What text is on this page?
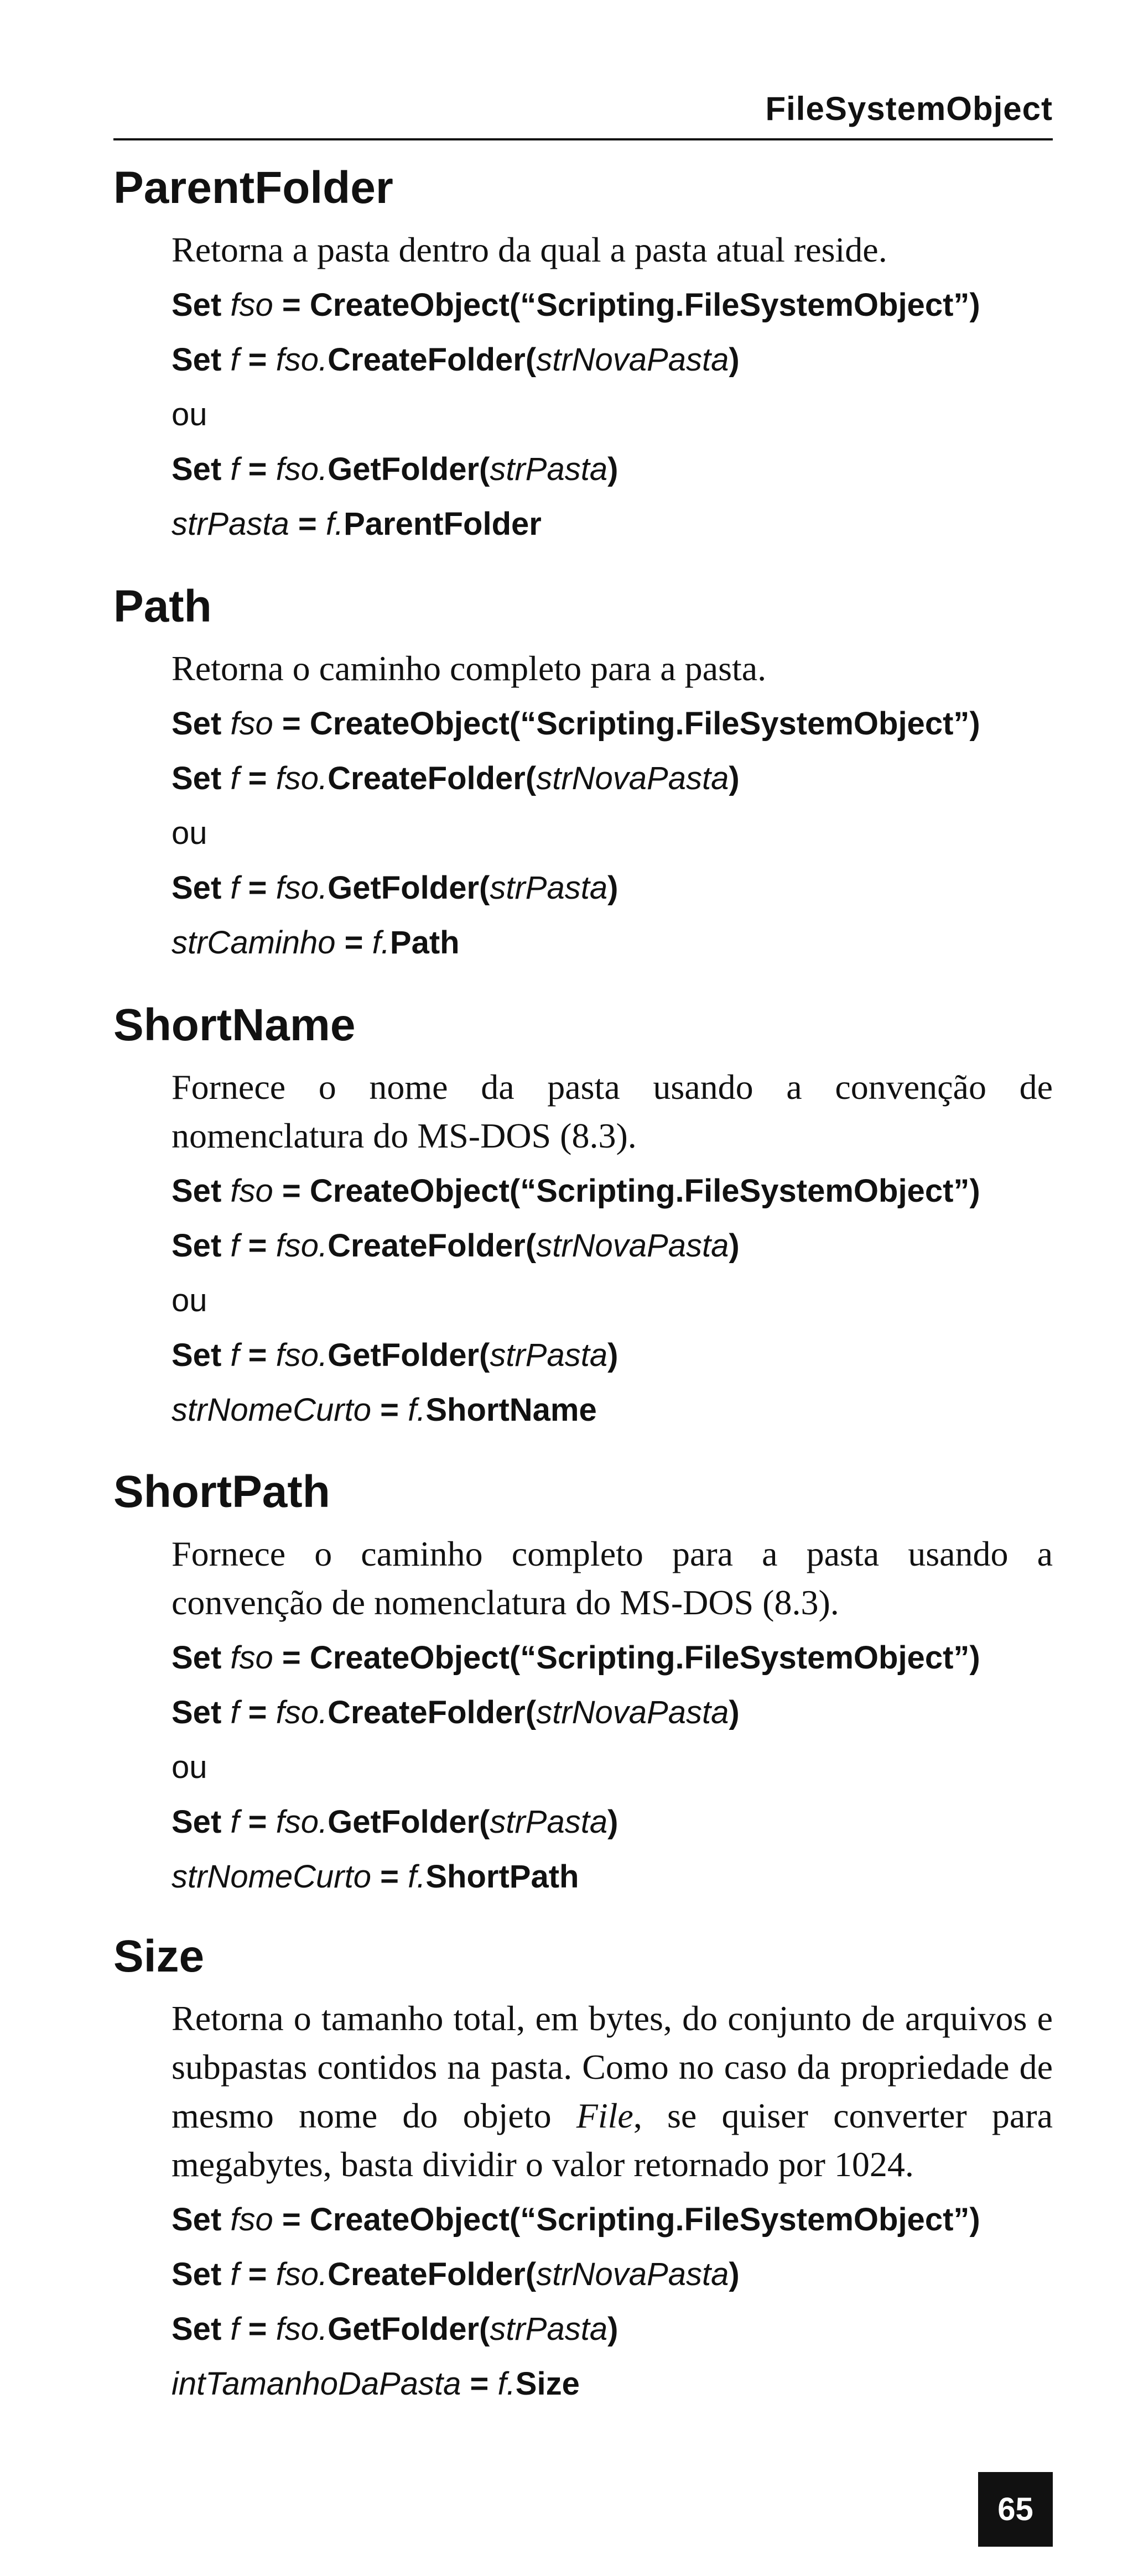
FileSystemObject
ParentFolder

Retorna a pasta dentro da qual a pasta atual reside.

Set fso = CreateObject(“Scripting.FileSystemObject”)
Set f = fso.CreateFolder(strNovaPasta)
ou
Set f = fso.GetFolder(strPasta)
strPasta = f.ParentFolder
Path

Retorna o caminho completo para a pasta.

Set fso = CreateObject(“Scripting.FileSystemObject”)
Set f = fso.CreateFolder(strNovaPasta)
ou
Set f = fso.GetFolder(strPasta)
strCaminho = f.Path
ShortName

Fornece o nome da pasta usando a convenção de nomenclatura do MS-DOS (8.3).

Set fso = CreateObject(“Scripting.FileSystemObject”)
Set f = fso.CreateFolder(strNovaPasta)
ou
Set f = fso.GetFolder(strPasta)
strNomeCurto = f.ShortName
ShortPath

Fornece o caminho completo para a pasta usando a convenção de nomenclatura do MS-DOS (8.3).

Set fso = CreateObject(“Scripting.FileSystemObject”)
Set f = fso.CreateFolder(strNovaPasta)
ou
Set f = fso.GetFolder(strPasta)
strNomeCurto = f.ShortPath
Size

Retorna o tamanho total, em bytes, do conjunto de arquivos e subpastas contidos na pasta. Como no caso da propriedade de mesmo nome do objeto File, se quiser converter para megabytes, basta dividir o valor retornado por 1024.

Set fso = CreateObject(“Scripting.FileSystemObject”)
Set f = fso.CreateFolder(strNovaPasta)
Set f = fso.GetFolder(strPasta)
intTamanhoDaPasta = f.Size
65
